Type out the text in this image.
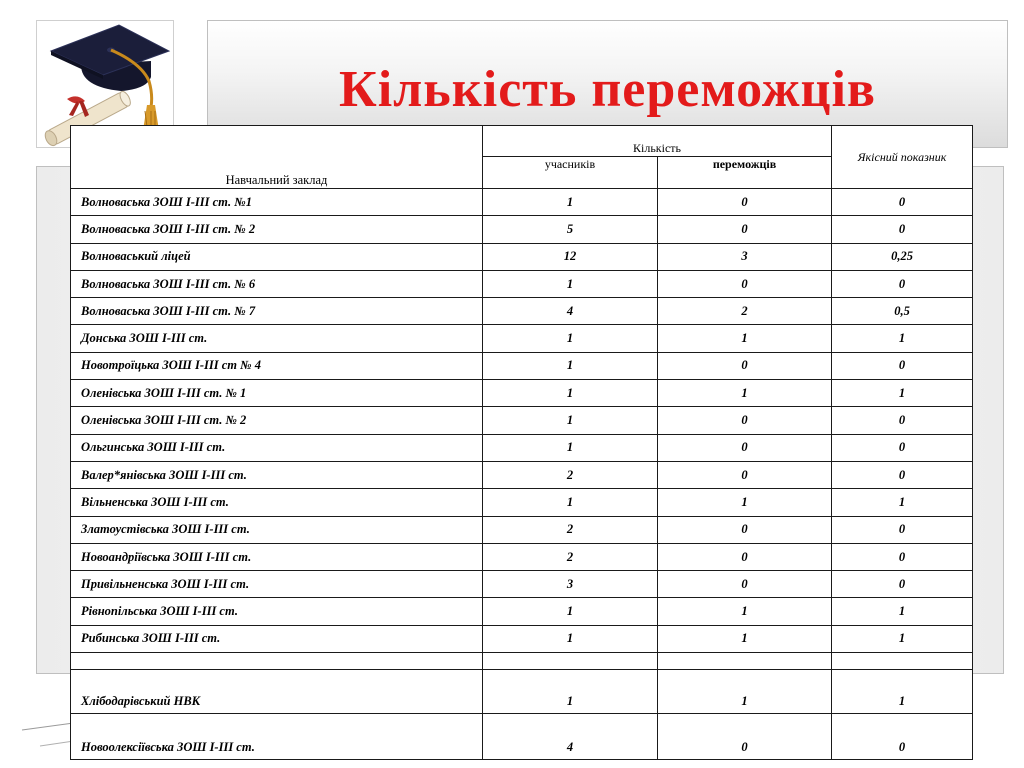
Кількість переможців
Навчальний заклад	Кількість		Якісний показник
	учасників	переможців	
Волноваська ЗОШ І-ІІІ ст. №1	1	0	0
Волноваська ЗОШ І-ІІІ ст. № 2	5	0	0
Волноваський ліцей	12	3	0,25
Волноваська ЗОШ І-ІІІ ст. № 6	1	0	0
Волноваська ЗОШ І-ІІІ ст. № 7	4	2	0,5
Донська ЗОШ І-ІІІ ст.	1	1	1
Новотроїцька ЗОШ І-ІІІ ст № 4	1	0	0
Оленівська ЗОШ І-ІІІ ст. № 1	1	1	1
Оленівська ЗОШ І-ІІІ ст. № 2	1	0	0
Ольгинська ЗОШ І-ІІІ ст.	1	0	0
Валер*янівська ЗОШ І-ІІІ ст.	2	0	0
Вільненська ЗОШ І-ІІІ ст.	1	1	1
Златоустівська ЗОШ І-ІІІ ст.	2	0	0
Новоандріївська ЗОШ І-ІІІ ст.	2	0	0
Привільненська ЗОШ І-ІІІ ст.	3	0	0
Рівнопільська ЗОШ І-ІІІ ст.	1	1	1
Рибинська ЗОШ І-ІІІ ст.	1	1	1

Хлібодарівський НВК	1	1	1
Новоолексіївська ЗОШ І-ІІІ ст.	4	0	0
